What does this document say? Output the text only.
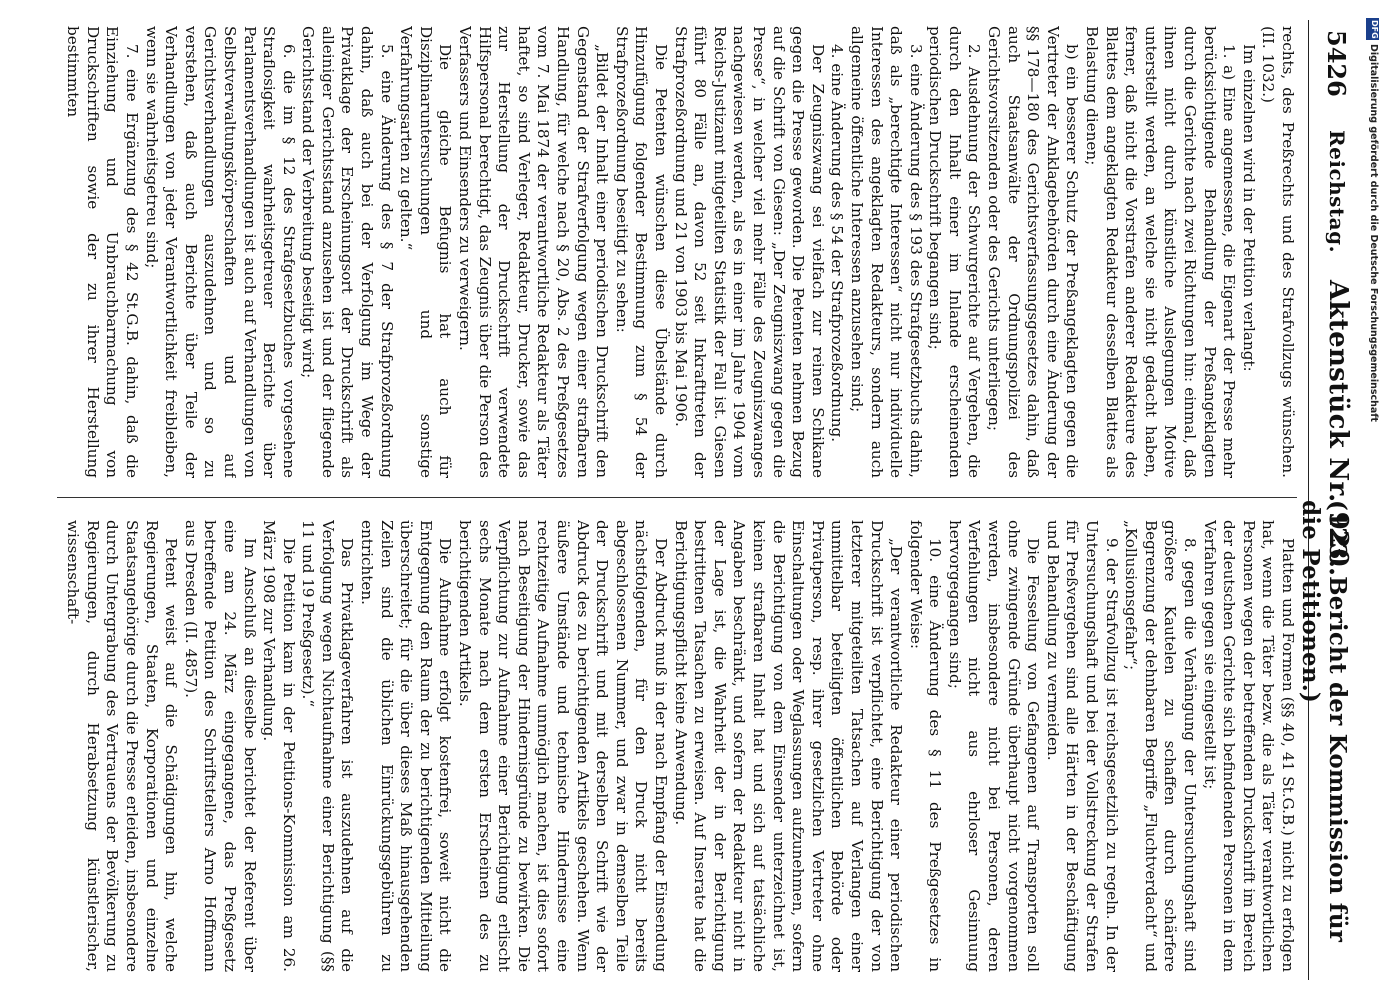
5426
Reichstag.
Aktenstück Nr. 920.
(123. Bericht der Kommission für die Petitionen.)

rechts, des Preßrechts und des Strafvollzugs wünschen. (II. 1032.)

Im einzelnen wird in der Petition verlangt:

1. a) Eine angemessene, die Eigenart der Presse mehr berücksichtigende Behandlung der Preßangeklagten durch die Gerichte nach zwei Richtungen hin: einmal, daß ihnen nicht durch künstliche Auslegungen Motive unterstellt werden, an welche sie nicht gedacht haben, ferner, daß nicht die Vorstrafen anderer Redakteure des Blattes dem angeklagten Redakteur desselben Blattes als Belastung dienen;

b) ein besserer Schutz der Preßangeklagten gegen die Vertreter der Anklagebehörden durch eine Änderung der §§ 178—180 des Gerichtsverfassungsgesetzes dahin, daß auch Staatsanwälte der Ordnungspolizei des Gerichtsvorsitzenden oder des Gerichts unterliegen;

2. Ausdehnung der Schwurgerichte auf Vergehen, die durch den Inhalt einer im Inlande erscheinenden periodischen Druckschrift begangen sind;

3. eine Änderung des § 193 des Strafgesetzbuchs dahin, daß als „berechtigte Interessen“ nicht nur individuelle Interessen des angeklagten Redakteurs, sondern auch allgemeine öffentliche Interessen anzusehen sind;

4. eine Änderung des § 54 der Strafprozeßordnung.

Der Zeugniszwang sei vielfach zur reinen Schikane gegen die Presse geworden. Die Petenten nehmen Bezug auf die Schrift von Giesen: „Der Zeugniszwang gegen die Presse“, in welcher viel mehr Fälle des Zeugniszwanges nachgewiesen werden, als es in einer im Jahre 1904 vom Reichs-Justizamt mitgeteilten Statistik der Fall ist. Giesen führt 80 Fälle an, davon 52 seit Inkrafttreten der Strafprozeßordnung und 21 von 1903 bis Mai 1906.

Die Petenten wünschen diese Übelstände durch Hinzufügung folgender Bestimmung zum § 54 der Strafprozeßordnung beseitigt zu sehen:

„Bildet der Inhalt einer periodischen Druckschrift den Gegenstand der Strafverfolgung wegen einer strafbaren Handlung, für welche nach § 20, Abs. 2 des Preßgesetzes vom 7. Mai 1874 der verantwortliche Redakteur als Täter haftet, so sind Verleger, Redakteur, Drucker, sowie das zur Herstellung der Druckschrift verwendete Hilfspersonal berechtigt, das Zeugnis über die Person des Verfassers und Einsenders zu verweigern.

Die gleiche Befugnis hat auch für Disziplinaruntersuchungen und sonstige Verfahrungsarten zu gelten.“

5. eine Änderung des § 7 der Strafprozeßordnung dahin, daß auch bei der Verfolgung im Wege der Privatklage der Erscheinungsort der Druckschrift als alleiniger Gerichtsstand anzusehen ist und der fliegende Gerichtsstand der Verbreitung beseitigt wird;

6. die im § 12 des Strafgesetzbuches vorgesehene Straflosigkeit wahrheitsgetreuer Berichte über Parlamentsverhandlungen ist auch auf Verhandlungen von Selbstverwaltungskörperschaften und auf Gerichtsverhandlungen auszudehnen und so zu verstehen, daß auch Berichte über Teile der Verhandlungen von jeder Verantwortlichkeit freibleiben, wenn sie wahrheitsgetreu sind;

7. eine Ergänzung des § 42 St.G.B. dahin, daß die Einziehung und Unbrauchbarmachung von Druckschriften sowie der zu ihrer Herstellung bestimmten

Platten und Formen (§§ 40, 41 St.G.B.) nicht zu erfolgen hat, wenn die Täter bezw. die als Täter verantwortlichen Personen wegen der betreffenden Druckschrift im Bereich der deutschen Gerichte sich befindenden Personen in dem Verfahren gegen sie eingestellt ist;

8. gegen die Verhängung der Untersuchungshaft sind größere Kautelen zu schaffen durch schärfere Begrenzung der dehnbaren Begriffe „Fluchtverdacht“ und „Kollusionsgefahr“;

9. der Strafvollzug ist reichsgesetzlich zu regeln. In der Untersuchungshaft und bei der Vollstreckung der Strafen für Preßvergehen sind alle Härten in der Beschäftigung und Behandlung zu vermeiden.

Die Fesselung von Gefangenen auf Transporten soll ohne zwingende Gründe überhaupt nicht vorgenommen werden, insbesondere nicht bei Personen, deren Verfehlungen nicht aus ehrloser Gesinnung hervorgegangen sind;

10. eine Änderung des § 11 des Preßgesetzes in folgender Weise:

„Der verantwortliche Redakteur einer periodischen Druckschrift ist verpflichtet, eine Berichtigung der von letzterer mitgeteilten Tatsachen auf Verlangen einer unmittelbar beteiligten öffentlichen Behörde oder Privatperson, resp. ihrer gesetzlichen Vertreter ohne Einschaltungen oder Weglassungen aufzunehmen, sofern die Berichtigung von dem Einsender unterzeichnet ist, keinen strafbaren Inhalt hat und sich auf tatsächliche Angaben beschränkt, und sofern der Redakteur nicht in der Lage ist, die Wahrheit der in der Berichtigung bestrittenen Tatsachen zu erweisen. Auf Inserate hat die Berichtigungspflicht keine Anwendung.

Der Abdruck muß in der nach Empfang der Einsendung nächstfolgenden, für den Druck nicht bereits abgeschlossenen Nummer, und zwar in demselben Teile der Druckschrift und mit derselben Schrift wie der Abdruck des zu berichtigenden Artikels geschehen. Wenn äußere Umstände und technische Hindernisse eine rechtzeitige Aufnahme unmöglich machen, ist dies sofort nach Beseitigung der Hindernisgründe zu bewirken. Die Verpflichtung zur Aufnahme einer Berichtigung erlischt sechs Monate nach dem ersten Erscheinen des zu berichtigenden Artikels.

Die Aufnahme erfolgt kostenfrei, soweit nicht die Entgegnung den Raum der zu berichtigenden Mitteilung überschreitet; für die über dieses Maß hinausgehenden Zeilen sind die üblichen Einrückungsgebühren zu entrichten.

Das Privatklageverfahren ist auszudehnen auf die Verfolgung wegen Nichtaufnahme einer Berichtigung (§§ 11 und 19 Preßgesetz).“

Die Petition kam in der Petitions-Kommission am 26. März 1908 zur Verhandlung.

Im Anschluß an dieselbe berichtet der Referent über eine am 24. März eingegangene, das Preßgesetz betreffende Petition des Schriftstellers Arno Hoffmann aus Dresden (II. 4857).

Petent weist auf die Schädigungen hin, welche Regierungen, Staaten, Korporationen und einzelne Staatsangehörige durch die Presse erleiden, insbesondere durch Untergrabung des Vertrauens der Bevölkerung zu Regierungen, durch Herabsetzung künstlerischer, wissenschaft-

DFG
Digitalisierung gefördert durch die Deutsche Forschungsgemeinschaft
